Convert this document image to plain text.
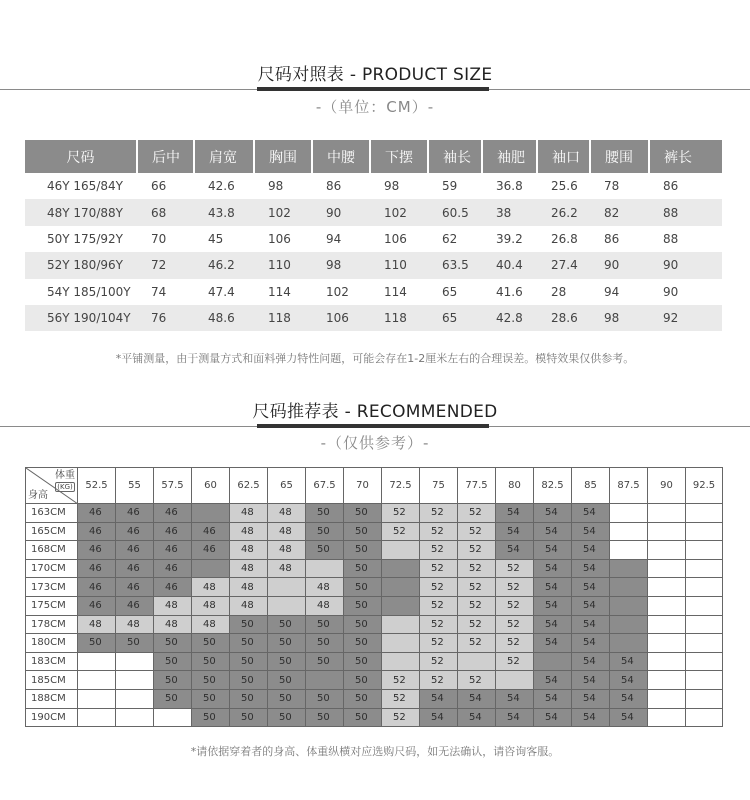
尺码对照表 - PRODUCT SIZE
-（单位：CM）-
尺码	后中	肩宽	胸围	中腰	下摆	袖长	袖肥	袖口	腰围	裤长
46Y 165/84Y	66	42.6	98	86	98	59	36.8	25.6	78	86
48Y 170/88Y	68	43.8	102	90	102	60.5	38	26.2	82	88
50Y 175/92Y	70	45	106	94	106	62	39.2	26.8	86	88
52Y 180/96Y	72	46.2	110	98	110	63.5	40.4	27.4	90	90
54Y 185/100Y	74	47.4	114	102	114	65	41.6	28	94	90
56Y 190/104Y	76	48.6	118	106	118	65	42.8	28.6	98	92
*平铺测量，由于测量方式和面料弹力特性问题，可能会存在1-2厘米左右的合理误差。模特效果仅供参考。
尺码推荐表 - RECOMMENDED
-（仅供参考）-
体重
(KG)
身高	52.5	55	57.5	60	62.5	65	67.5	70	72.5	75	77.5	80	82.5	85	87.5	90	92.5
163CM	46	46	46		48	48	50	50	52	52	52	54	54	54			

165CM	46	46	46	46	48	48	50	50	52	52	52	54	54	54			

168CM	46	46	46	46	48	48	50	50		52	52	54	54	54			

170CM	46	46	46		48	48		50		52	52	52	54	54			

173CM	46	46	46	48	48		48	50		52	52	52	54	54			

175CM	46	46	48	48	48		48	50		52	52	52	54	54			

178CM	48	48	48	48	50	50	50	50		52	52	52	54	54			

180CM	50	50	50	50	50	50	50	50		52	52	52	54	54			

183CM			50	50	50	50	50	50		52		52		54	54		

185CM			50	50	50	50		50	52	52	52		54	54	54		

188CM			50	50	50	50	50	50	52	54	54	54	54	54	54		

190CM				50	50	50	50	50	52	54	54	54	54	54	54		

*请依据穿着者的身高、体重纵横对应选购尺码，如无法确认，请咨询客服。
